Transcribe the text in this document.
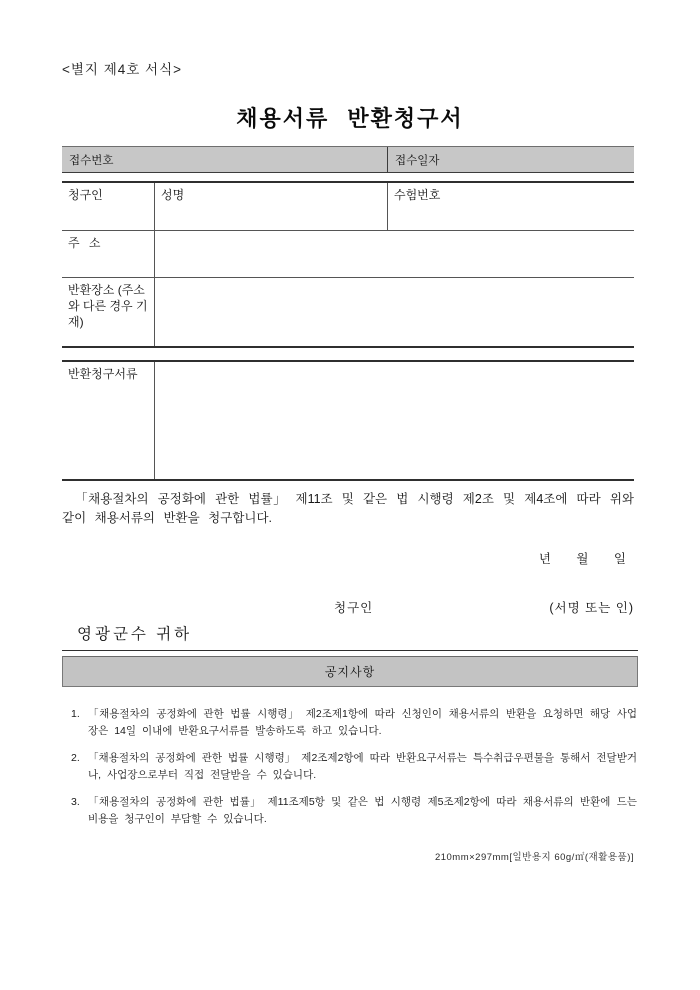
<별지 제4호 서식>
채용서류 반환청구서
접수번호	접수일자
청구인	성명	수험번호
주 소
반환장소 (주소와 다른 경우 기재)
반환청구서류
「채용절차의 공정화에 관한 법률」 제11조 및 같은 법 시행령 제2조 및 제4조에 따라 위와 같이 채용서류의 반환을 청구합니다.
년 월 일
청구인	(서명 또는 인)
영광군수 귀하
공지사항
1. 「채용절차의 공정화에 관한 법률 시행령」 제2조제1항에 따라 신청인이 채용서류의 반환을 요청하면 해당 사업장은 14일 이내에 반환요구서류를 발송하도록 하고 있습니다.
2. 「채용절차의 공정화에 관한 법률 시행령」 제2조제2항에 따라 반환요구서류는 특수취급우편물을 통해서 전달받거나, 사업장으로부터 직접 전달받을 수 있습니다.
3. 「채용절차의 공정화에 관한 법률」 제11조제5항 및 같은 법 시행령 제5조제2항에 따라 채용서류의 반환에 드는 비용을 청구인이 부담할 수 있습니다.
210mm×297mm[일반용지 60g/㎡(재활용품)]
